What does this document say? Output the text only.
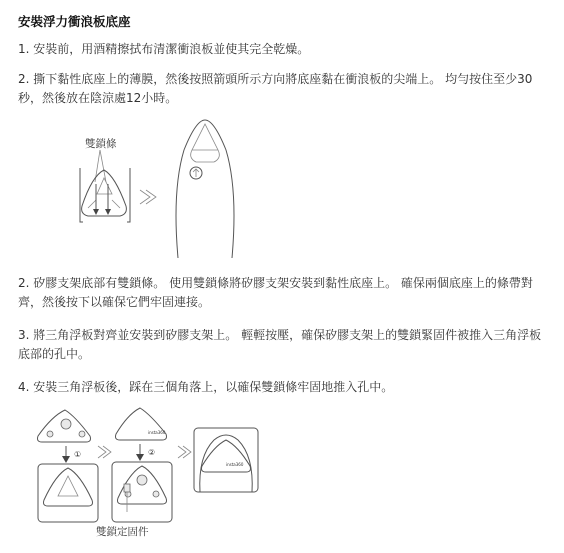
安裝浮力衝浪板底座
1. 安裝前，用酒精擦拭布清潔衝浪板並使其完全乾燥。
2. 撕下黏性底座上的薄膜，然後按照箭頭所示方向將底座黏在衝浪板的尖端上。 均勻按住至少30秒，然後放在陰涼處12小時。
雙鎖條
2. 矽膠支架底部有雙鎖條。 使用雙鎖條將矽膠支架安裝到黏性底座上。 確保兩個底座上的條帶對齊，然後按下以確保它們牢固連接。
3. 將三角浮板對齊並安裝到矽膠支架上。 輕輕按壓，確保矽膠支架上的雙鎖緊固件被推入三角浮板底部的孔中。
4. 安裝三角浮板後，踩在三個角落上，以確保雙鎖條牢固地推入孔中。
①
insta360
②
insta360
雙鎖定固件
